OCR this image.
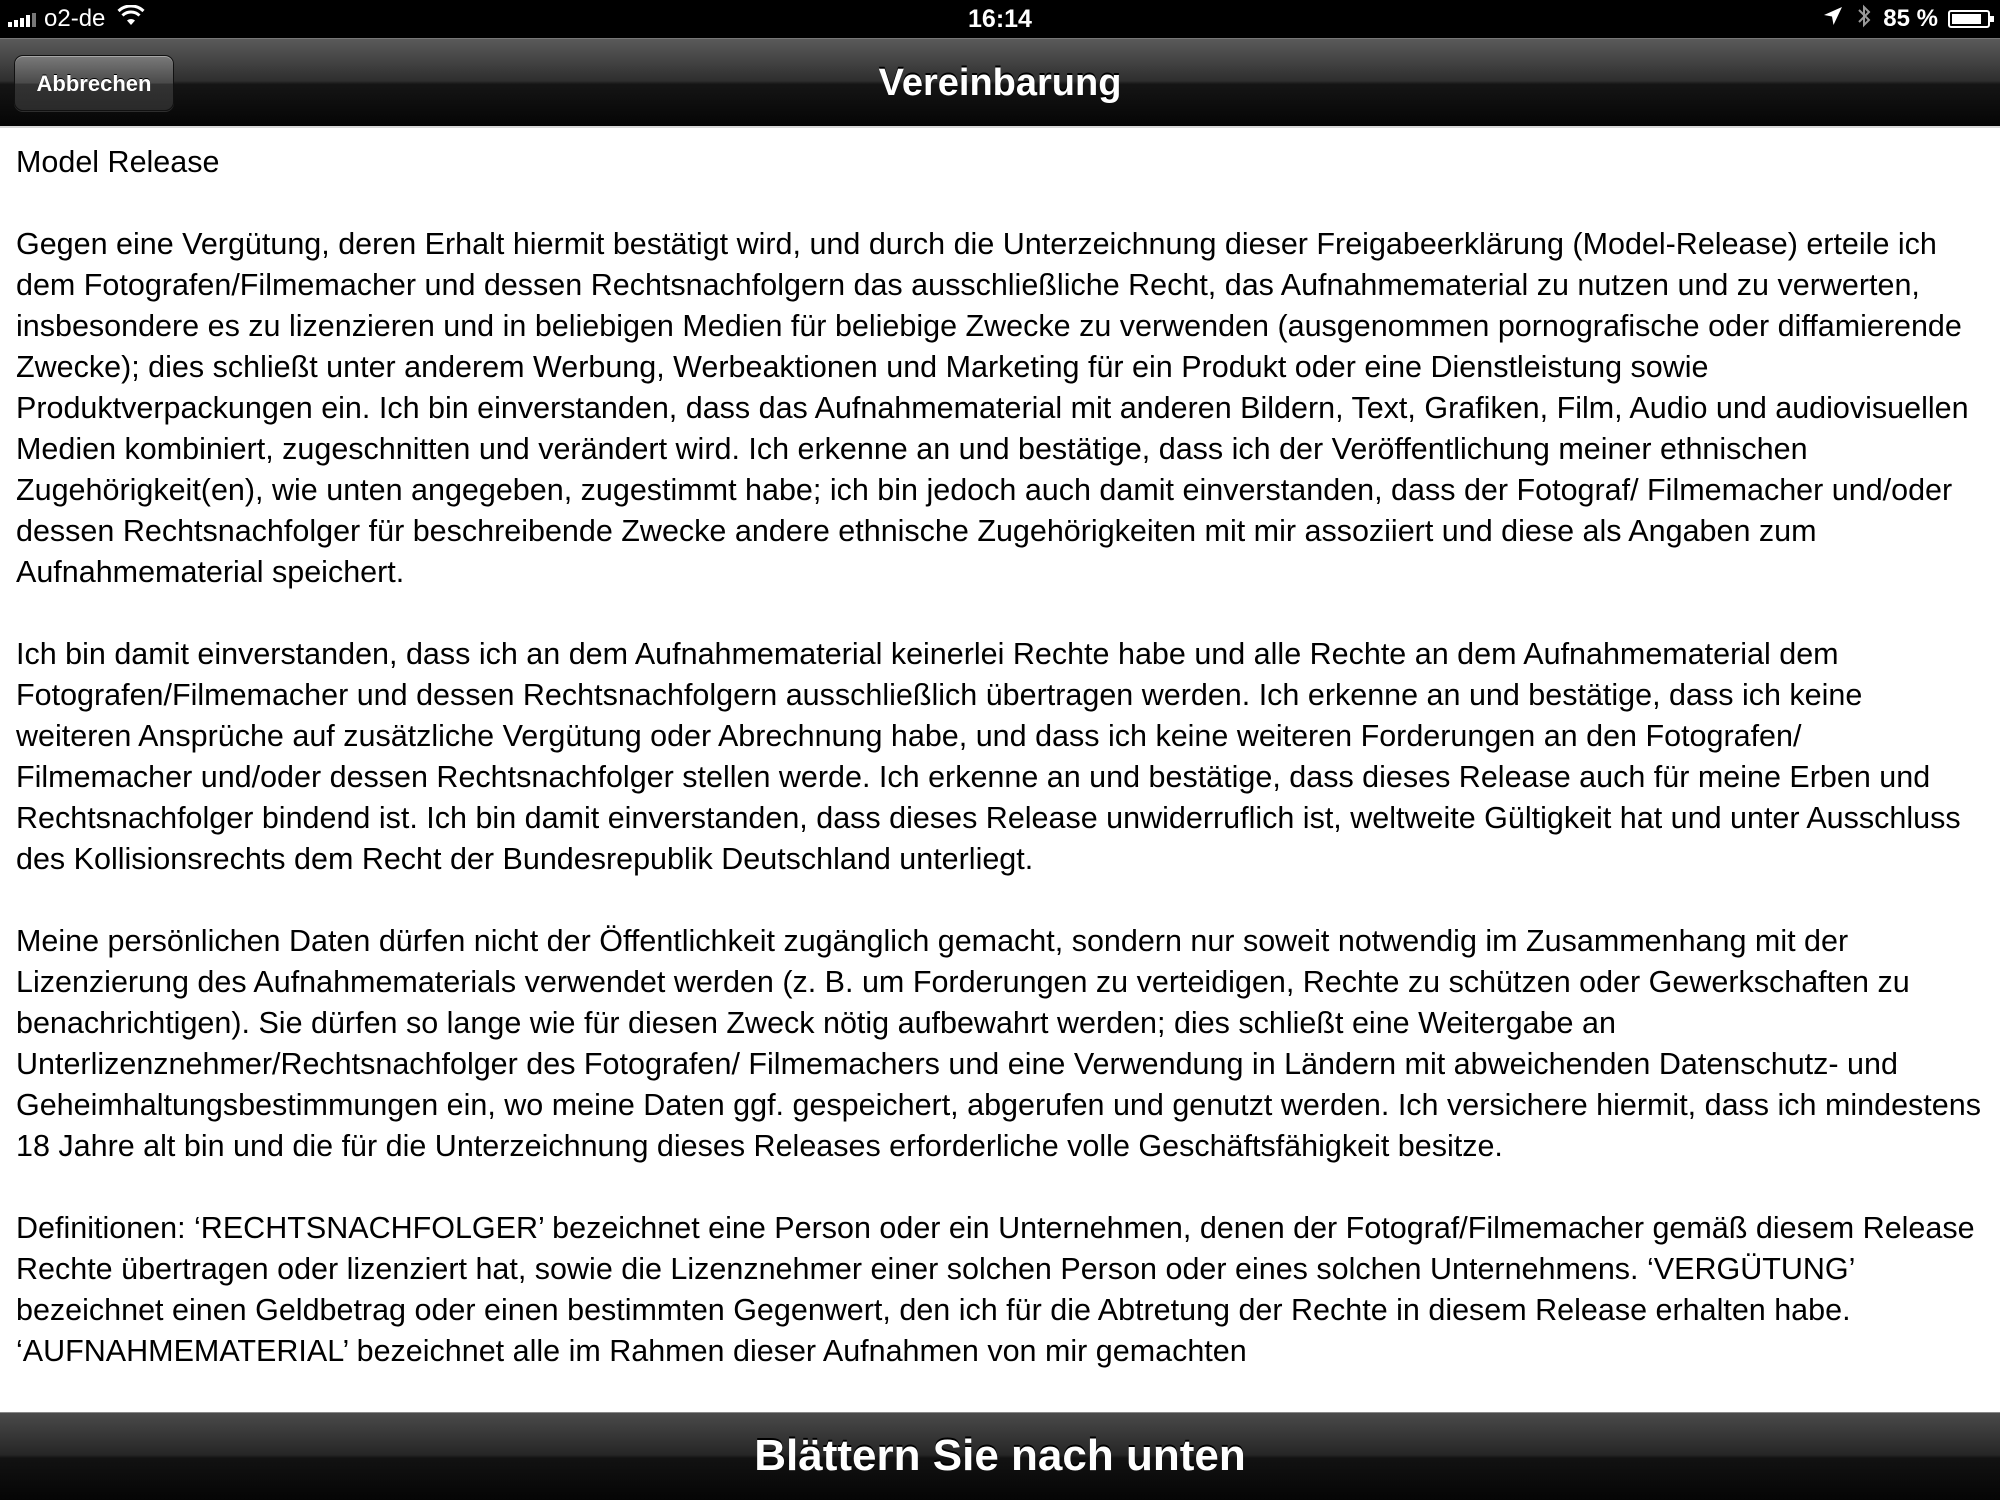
o2-de	16:14	85 %
Abbrechen	Vereinbarung

Model Release

Gegen eine Vergütung, deren Erhalt hiermit bestätigt wird, und durch die Unterzeichnung dieser Freigabeerklärung (Model-Release) erteile ich dem Fotografen/Filmemacher und dessen Rechtsnachfolgern das ausschließliche Recht, das Aufnahmematerial zu nutzen und zu verwerten, insbesondere es zu lizenzieren und in beliebigen Medien für beliebige Zwecke zu verwenden (ausgenommen pornografische oder diffamierende Zwecke); dies schließt unter anderem Werbung, Werbeaktionen und Marketing für ein Produkt oder eine Dienstleistung sowie Produktverpackungen ein. Ich bin einverstanden, dass das Aufnahmematerial mit anderen Bildern, Text, Grafiken, Film, Audio und audiovisuellen Medien kombiniert, zugeschnitten und verändert wird. Ich erkenne an und bestätige, dass ich der Veröffentlichung meiner ethnischen Zugehörigkeit(en), wie unten angegeben, zugestimmt habe; ich bin jedoch auch damit einverstanden, dass der Fotograf/ Filmemacher und/oder dessen Rechtsnachfolger für beschreibende Zwecke andere ethnische Zugehörigkeiten mit mir assoziiert und diese als Angaben zum Aufnahmematerial speichert.

Ich bin damit einverstanden, dass ich an dem Aufnahmematerial keinerlei Rechte habe und alle Rechte an dem Aufnahmematerial dem Fotografen/Filmemacher und dessen Rechtsnachfolgern ausschließlich übertragen werden. Ich erkenne an und bestätige, dass ich keine weiteren Ansprüche auf zusätzliche Vergütung oder Abrechnung habe, und dass ich keine weiteren Forderungen an den Fotografen/ Filmemacher und/oder dessen Rechtsnachfolger stellen werde. Ich erkenne an und bestätige, dass dieses Release auch für meine Erben und Rechtsnachfolger bindend ist. Ich bin damit einverstanden, dass dieses Release unwiderruflich ist, weltweite Gültigkeit hat und unter Ausschluss des Kollisionsrechts dem Recht der Bundesrepublik Deutschland unterliegt.

Meine persönlichen Daten dürfen nicht der Öffentlichkeit zugänglich gemacht, sondern nur soweit notwendig im Zusammenhang mit der Lizenzierung des Aufnahmematerials verwendet werden (z. B. um Forderungen zu verteidigen, Rechte zu schützen oder Gewerkschaften zu benachrichtigen). Sie dürfen so lange wie für diesen Zweck nötig aufbewahrt werden; dies schließt eine Weitergabe an Unterlizenznehmer/Rechtsnachfolger des Fotografen/ Filmemachers und eine Verwendung in Ländern mit abweichenden Datenschutz- und Geheimhaltungsbestimmungen ein, wo meine Daten ggf. gespeichert, abgerufen und genutzt werden. Ich versichere hiermit, dass ich mindestens 18 Jahre alt bin und die für die Unterzeichnung dieses Releases erforderliche volle Geschäftsfähigkeit besitze.

Definitionen: ‘RECHTSNACHFOLGER’ bezeichnet eine Person oder ein Unternehmen, denen der Fotograf/Filmemacher gemäß diesem Release Rechte übertragen oder lizenziert hat, sowie die Lizenznehmer einer solchen Person oder eines solchen Unternehmens. ‘VERGÜTUNG’ bezeichnet einen Geldbetrag oder einen bestimmten Gegenwert, den ich für die Abtretung der Rechte in diesem Release erhalten habe. ‘AUFNAHMEMATERIAL’ bezeichnet alle im Rahmen dieser Aufnahmen von mir gemachten

Blättern Sie nach unten
